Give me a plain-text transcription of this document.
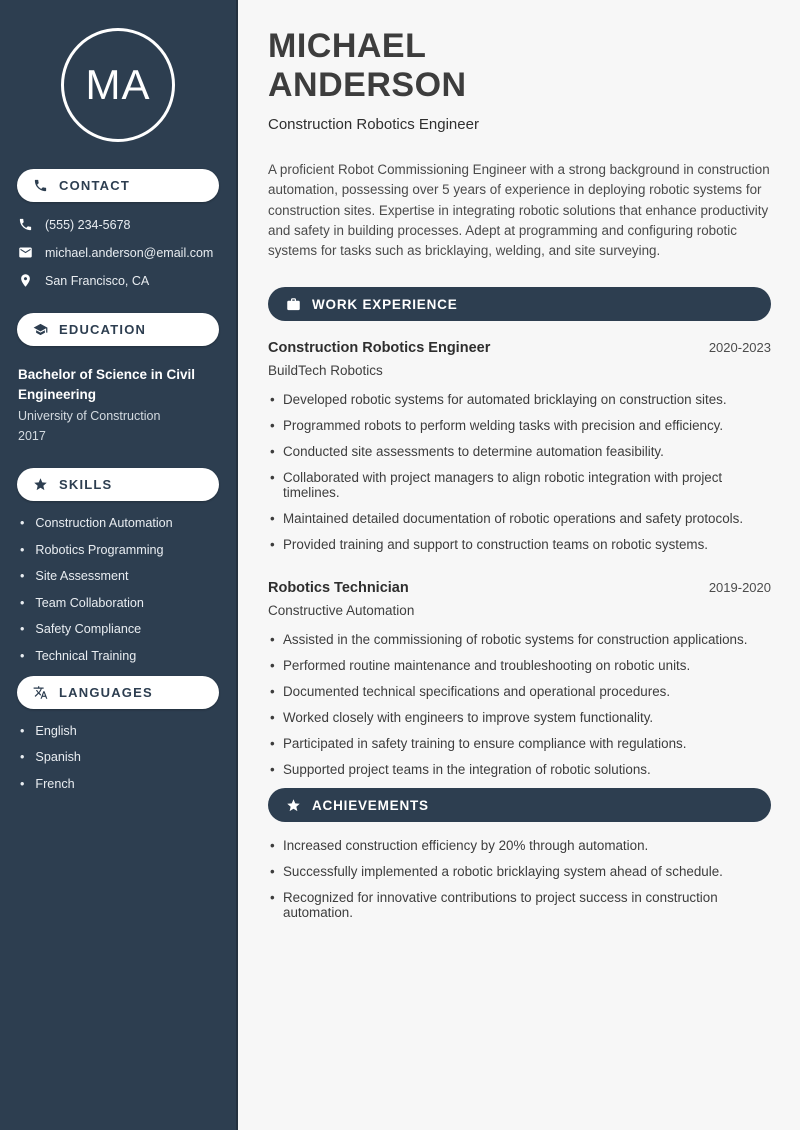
MA
CONTACT
(555) 234-5678
michael.anderson@email.com
San Francisco, CA
EDUCATION
Bachelor of Science in Civil Engineering
University of Construction
2017
SKILLS
• Construction Automation
• Robotics Programming
• Site Assessment
• Team Collaboration
• Safety Compliance
• Technical Training
LANGUAGES
• English
• Spanish
• French
MICHAEL
ANDERSON
Construction Robotics Engineer

A proficient Robot Commissioning Engineer with a strong background in construction automation, possessing over 5 years of experience in deploying robotic systems for construction sites. Expertise in integrating robotic solutions that enhance productivity and safety in building processes. Adept at programming and configuring robotic systems for tasks such as bricklaying, welding, and site surveying.

WORK EXPERIENCE
Construction Robotics Engineer	2020-2023
BuildTech Robotics
• Developed robotic systems for automated bricklaying on construction sites.
• Programmed robots to perform welding tasks with precision and efficiency.
• Conducted site assessments to determine automation feasibility.
• Collaborated with project managers to align robotic integration with project timelines.
• Maintained detailed documentation of robotic operations and safety protocols.
• Provided training and support to construction teams on robotic systems.
Robotics Technician	2019-2020
Constructive Automation
• Assisted in the commissioning of robotic systems for construction applications.
• Performed routine maintenance and troubleshooting on robotic units.
• Documented technical specifications and operational procedures.
• Worked closely with engineers to improve system functionality.
• Participated in safety training to ensure compliance with regulations.
• Supported project teams in the integration of robotic solutions.
ACHIEVEMENTS
• Increased construction efficiency by 20% through automation.
• Successfully implemented a robotic bricklaying system ahead of schedule.
• Recognized for innovative contributions to project success in construction automation.
